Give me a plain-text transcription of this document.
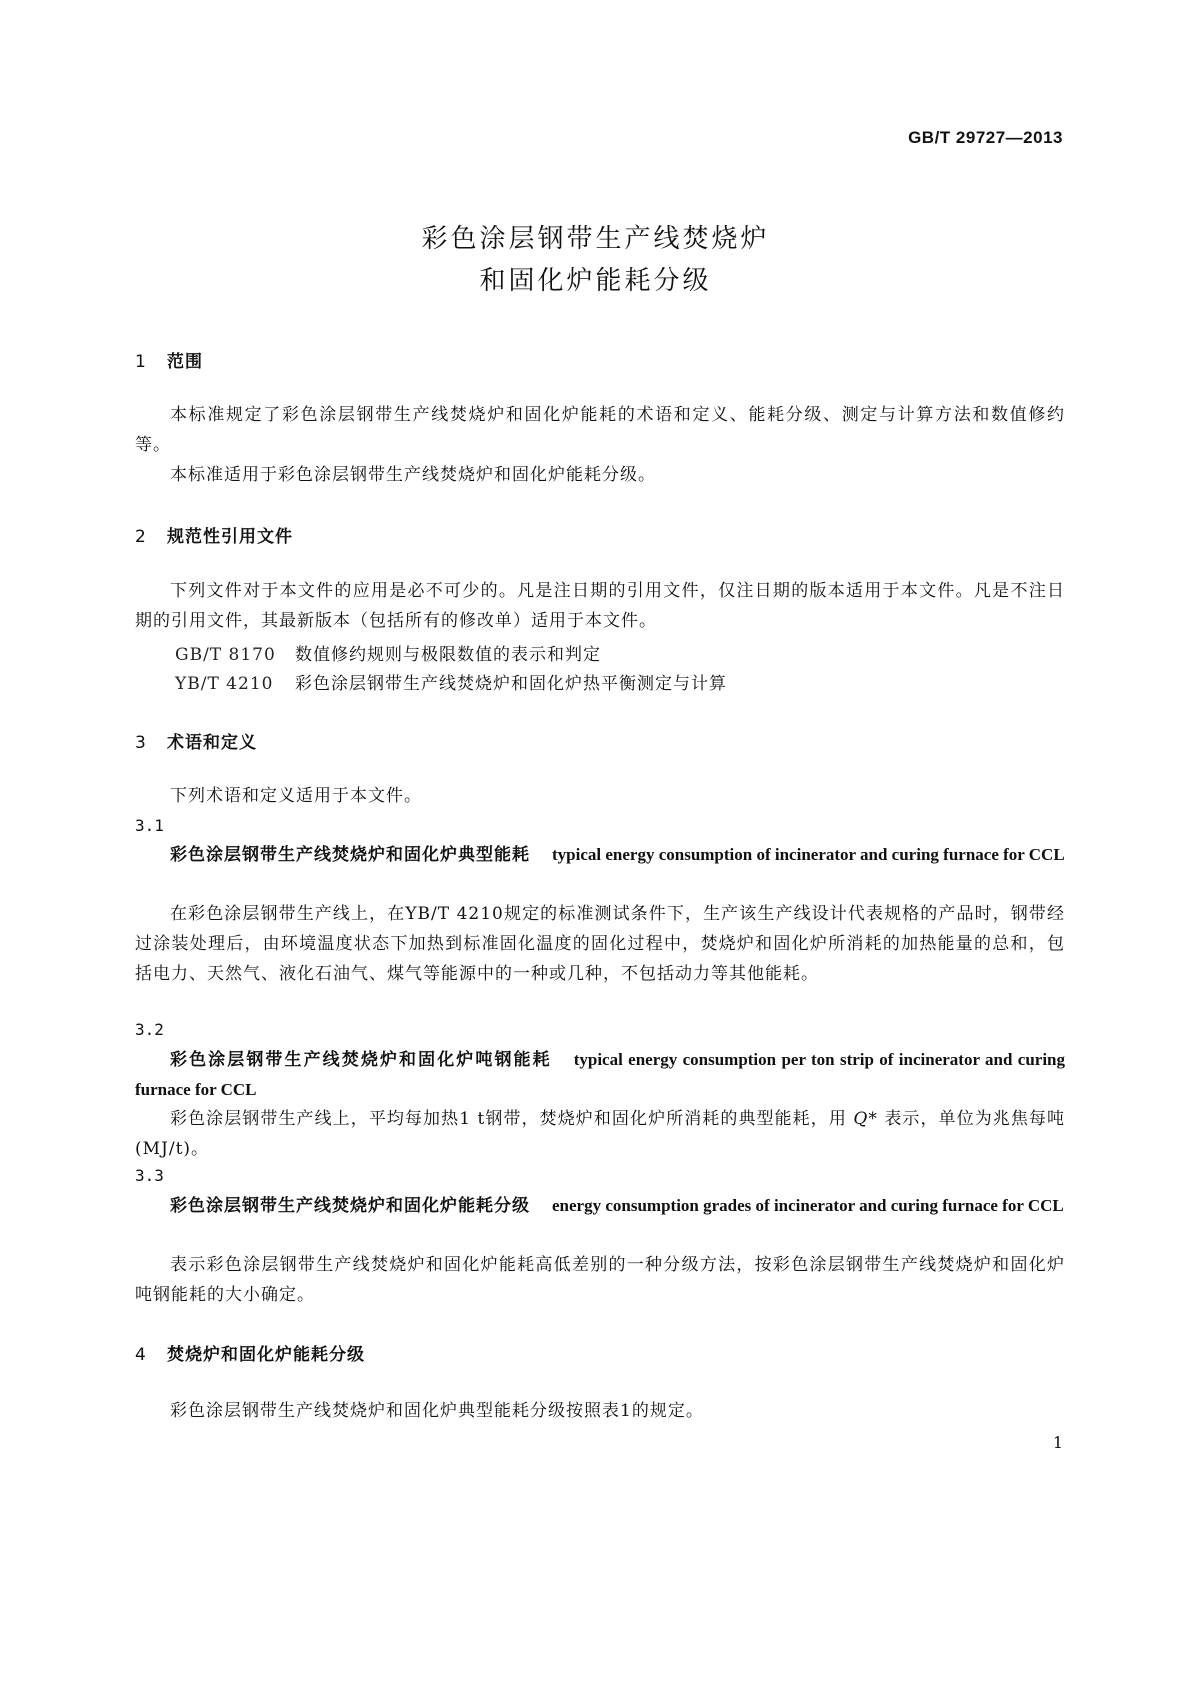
GB/T 29727—2013
彩色涂层钢带生产线焚烧炉
和固化炉能耗分级
1 范围
本标准规定了彩色涂层钢带生产线焚烧炉和固化炉能耗的术语和定义、能耗分级、测定与计算方法和数值修约等。
本标准适用于彩色涂层钢带生产线焚烧炉和固化炉能耗分级。
2 规范性引用文件
下列文件对于本文件的应用是必不可少的。凡是注日期的引用文件，仅注日期的版本适用于本文件。凡是不注日期的引用文件，其最新版本（包括所有的修改单）适用于本文件。
GB/T 8170 数值修约规则与极限数值的表示和判定
YB/T 4210 彩色涂层钢带生产线焚烧炉和固化炉热平衡测定与计算
3 术语和定义
下列术语和定义适用于本文件。
3.1
彩色涂层钢带生产线焚烧炉和固化炉典型能耗 typical energy consumption of incinerator and curing furnace for CCL
在彩色涂层钢带生产线上，在YB/T 4210规定的标准测试条件下，生产该生产线设计代表规格的产品时，钢带经过涂装处理后，由环境温度状态下加热到标准固化温度的固化过程中，焚烧炉和固化炉所消耗的加热能量的总和，包括电力、天然气、液化石油气、煤气等能源中的一种或几种，不包括动力等其他能耗。
3.2
彩色涂层钢带生产线焚烧炉和固化炉吨钢能耗 typical energy consumption per ton strip of incinerator and curing furnace for CCL
彩色涂层钢带生产线上，平均每加热1 t钢带，焚烧炉和固化炉所消耗的典型能耗，用 Q* 表示，单位为兆焦每吨(MJ/t)。
3.3
彩色涂层钢带生产线焚烧炉和固化炉能耗分级 energy consumption grades of incinerator and curing furnace for CCL
表示彩色涂层钢带生产线焚烧炉和固化炉能耗高低差别的一种分级方法，按彩色涂层钢带生产线焚烧炉和固化炉吨钢能耗的大小确定。
4 焚烧炉和固化炉能耗分级
彩色涂层钢带生产线焚烧炉和固化炉典型能耗分级按照表1的规定。
1
